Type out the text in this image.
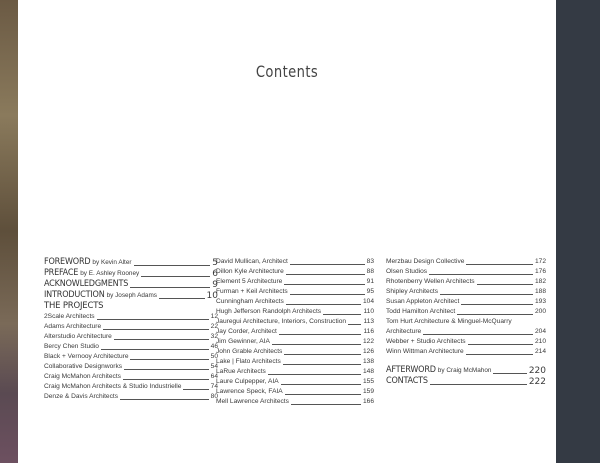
Contents
FOREWORD by Kevin Alter	5
PREFACE by E. Ashley Rooney	6
ACKNOWLEDGMENTS	9
INTRODUCTION by Joseph Adams	10
THE PROJECTS
2Scale Architects	12
Adams Architecture	22
Alterstudio Architecture	32
Bercy Chen Studio	46
Black + Vernooy Architecture	50
Collaborative Designworks	54
Craig McMahon Architects	64
Craig McMahon Architects & Studio Industrielle	74
Denze & Davis Architects	80
David Mullican, Architect	83
Dillon Kyle Architecture	88
Element 5 Architecture	91
Furman + Keil Architects	95
Cunningham Architects	104
Hugh Jefferson Randolph Architects	110
Jauregui Architecture, Interiors, Construction	113
Jay Corder, Architect	116
Jim Gewinner, AIA	122
John Grable Architects	126
Lake | Flato Architects	138
LaRue Architects	148
Laure Culpepper, AIA	155
Lawrence Speck, FAIA	159
Mell Lawrence Architects	166
Merzbau Design Collective	172
Olsen Studios	176
Rhotenberry Wellen Architects	182
Shipley Architects	188
Susan Appleton Architect	193
Todd Hamilton Architect	200
Tom Hurt Architecture & Minguel-McQuarry
Architecture	204
Webber + Studio Architects	210
Winn Wittman Architecture	214
AFTERWORD by Craig McMahon	220
CONTACTS	222
